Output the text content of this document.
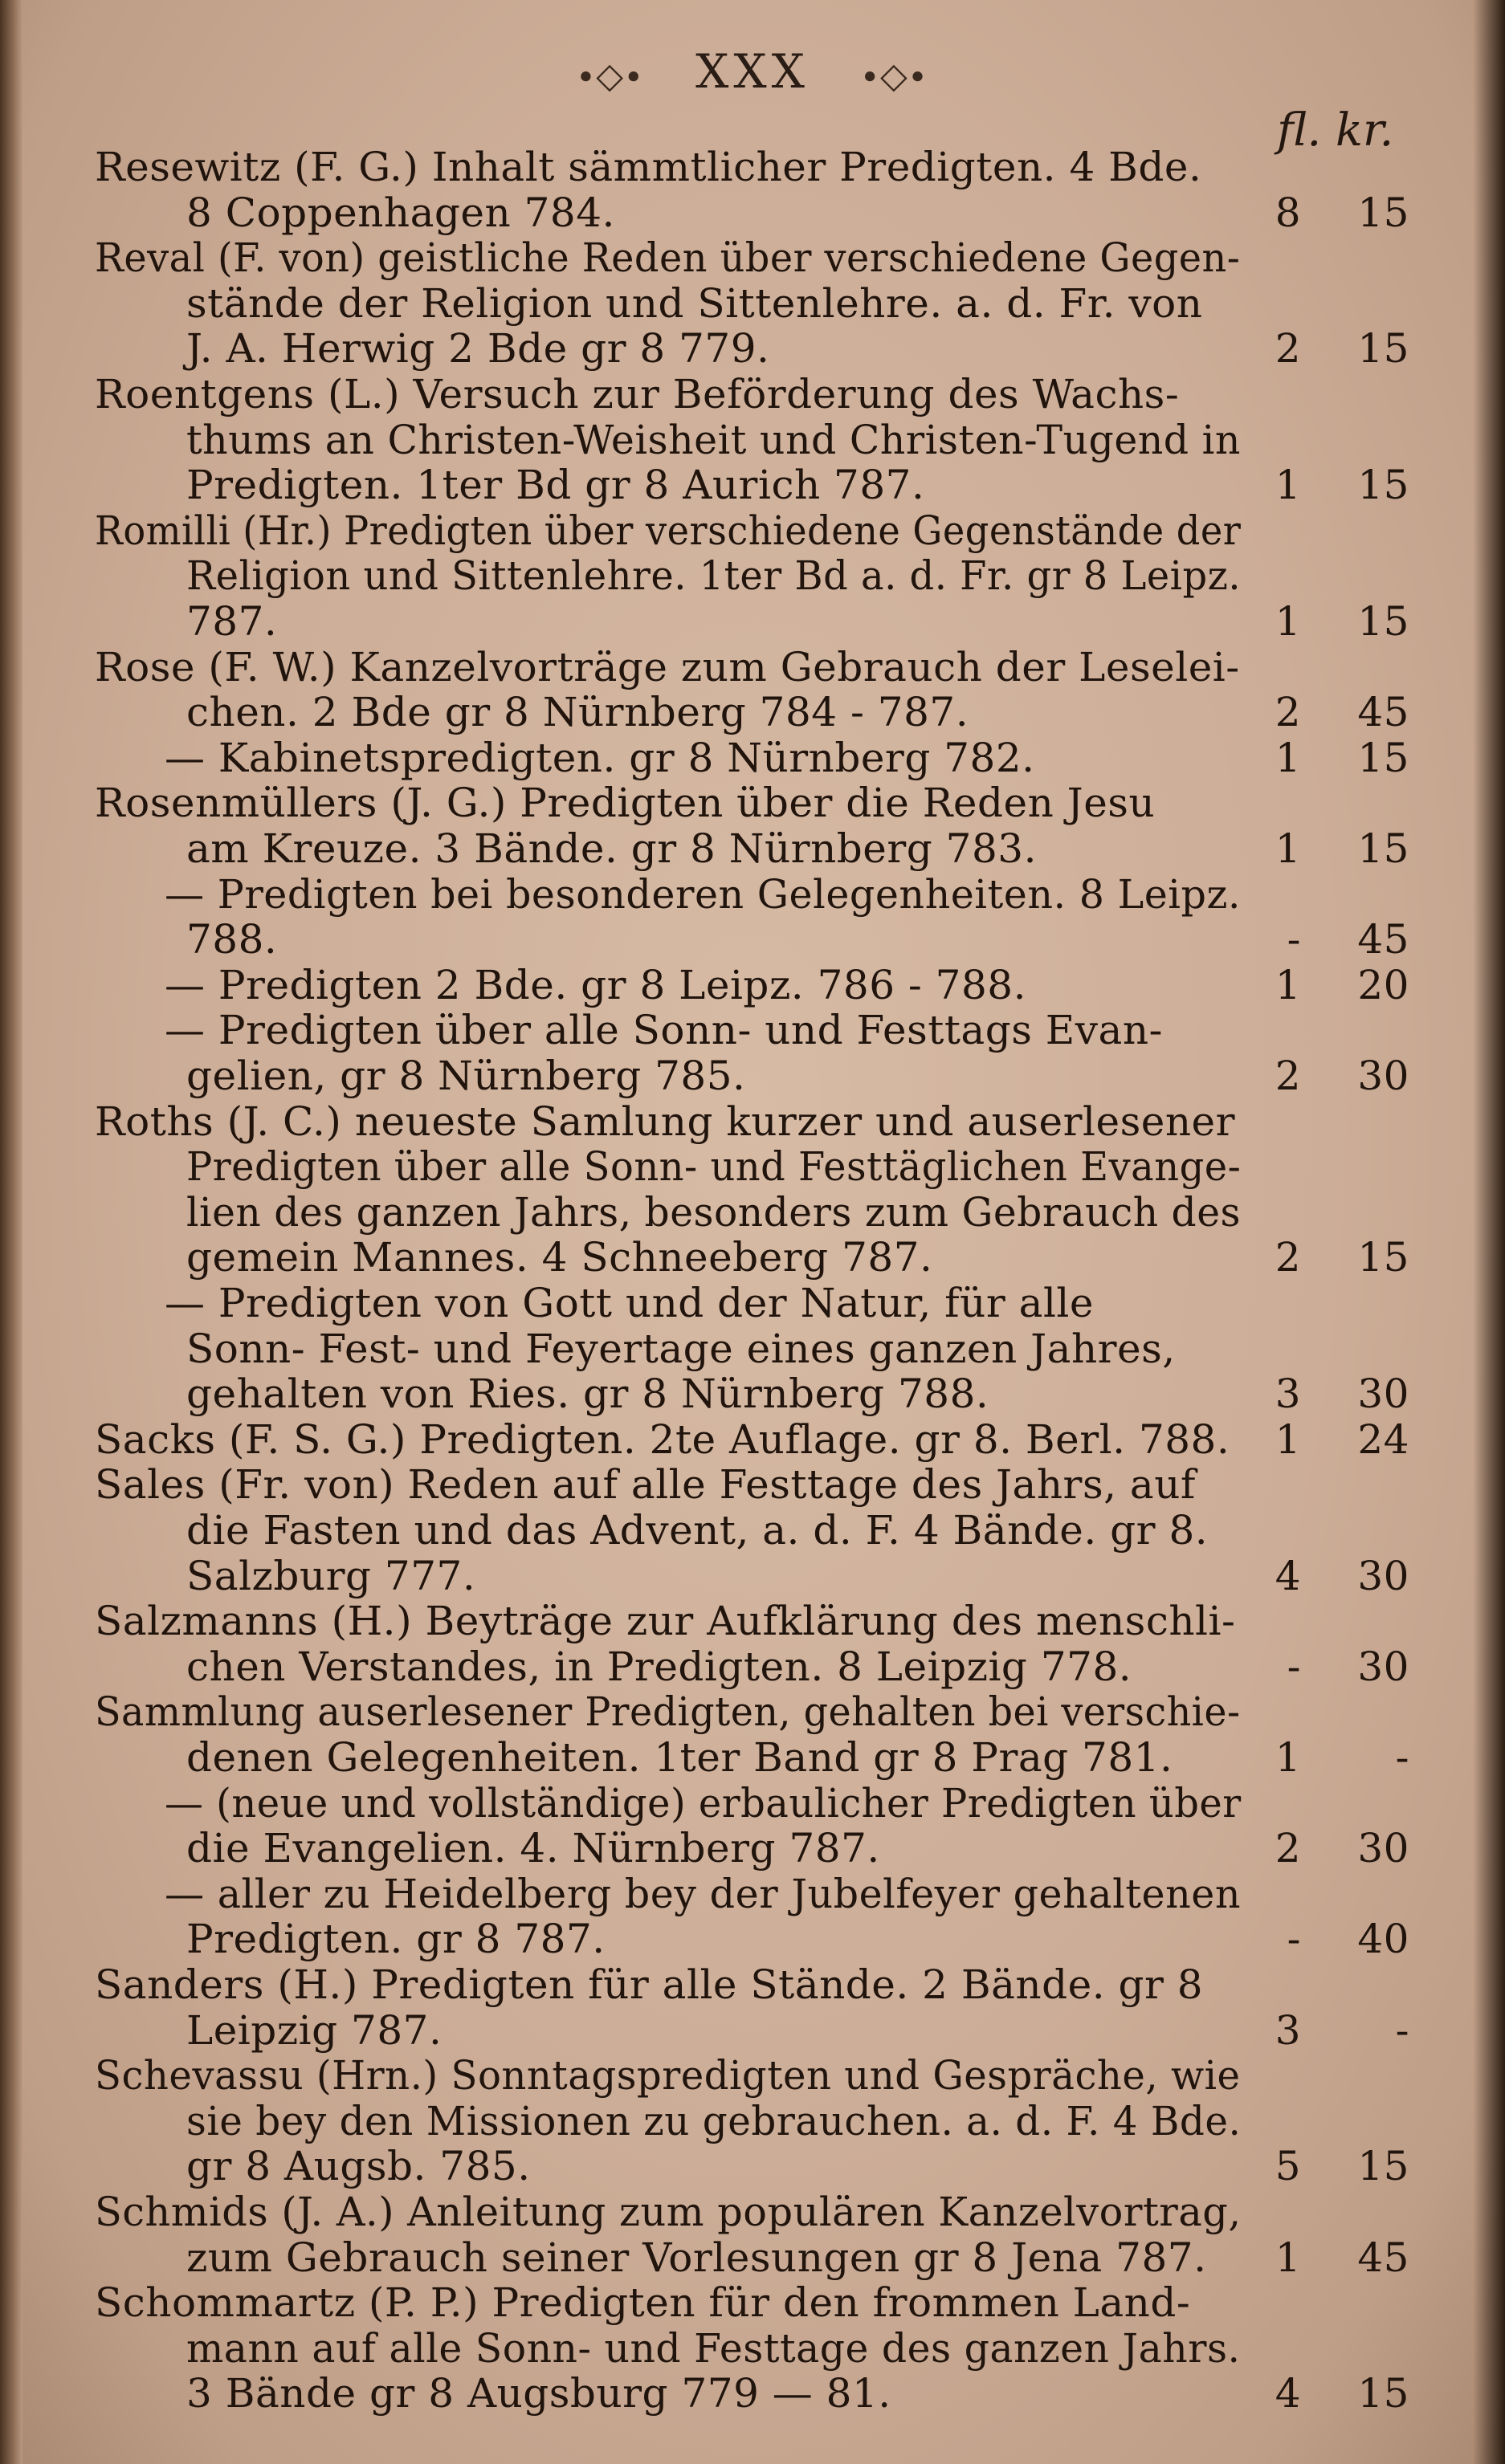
∙◇∙ XXX ∙◇∙
fl. kr.
Resewitz (F. G.) Inhalt sämmtlicher Predigten. 4 Bde.
8 Coppenhagen 784.	8	15
Reval (F. von) geistliche Reden über verschiedene Gegen-
stände der Religion und Sittenlehre. a. d. Fr. von
J. A. Herwig 2 Bde gr 8 779.	2	15
Roentgens (L.) Versuch zur Beförderung des Wachs-
thums an Christen-Weisheit und Christen-Tugend in
Predigten. 1ter Bd gr 8 Aurich 787.	1	15
Romilli (Hr.) Predigten über verschiedene Gegenstände der
Religion und Sittenlehre. 1ter Bd a. d. Fr. gr 8 Leipz.
787.	1	15
Rose (F. W.) Kanzelvorträge zum Gebrauch der Leselei-
chen. 2 Bde gr 8 Nürnberg 784 - 787.	2	45
— Kabinetspredigten. gr 8 Nürnberg 782.	1	15
Rosenmüllers (J. G.) Predigten über die Reden Jesu
am Kreuze. 3 Bände. gr 8 Nürnberg 783.	1	15
— Predigten bei besonderen Gelegenheiten. 8 Leipz.
788.	-	45
— Predigten 2 Bde. gr 8 Leipz. 786 - 788.	1	20
— Predigten über alle Sonn- und Festtags Evan-
gelien, gr 8 Nürnberg 785.	2	30
Roths (J. C.) neueste Samlung kurzer und auserlesener
Predigten über alle Sonn- und Festtäglichen Evange-
lien des ganzen Jahrs, besonders zum Gebrauch des
gemein Mannes. 4 Schneeberg 787.	2	15
— Predigten von Gott und der Natur, für alle
Sonn- Fest- und Feyertage eines ganzen Jahres,
gehalten von Ries. gr 8 Nürnberg 788.	3	30
Sacks (F. S. G.) Predigten. 2te Auflage. gr 8. Berl. 788.	1	24
Sales (Fr. von) Reden auf alle Festtage des Jahrs, auf
die Fasten und das Advent, a. d. F. 4 Bände. gr 8.
Salzburg 777.	4	30
Salzmanns (H.) Beyträge zur Aufklärung des menschli-
chen Verstandes, in Predigten. 8 Leipzig 778.	-	30
Sammlung auserlesener Predigten, gehalten bei verschie-
denen Gelegenheiten. 1ter Band gr 8 Prag 781.	1	-
— (neue und vollständige) erbaulicher Predigten über
die Evangelien. 4. Nürnberg 787.	2	30
— aller zu Heidelberg bey der Jubelfeyer gehaltenen
Predigten. gr 8 787.	-	40
Sanders (H.) Predigten für alle Stände. 2 Bände. gr 8
Leipzig 787.	3	-
Schevassu (Hrn.) Sonntagspredigten und Gespräche, wie
sie bey den Missionen zu gebrauchen. a. d. F. 4 Bde.
gr 8 Augsb. 785.	5	15
Schmids (J. A.) Anleitung zum populären Kanzelvortrag,
zum Gebrauch seiner Vorlesungen gr 8 Jena 787.	1	45
Schommartz (P. P.) Predigten für den frommen Land-
mann auf alle Sonn- und Festtage des ganzen Jahrs.
3 Bände gr 8 Augsburg 779 — 81.	4	15
